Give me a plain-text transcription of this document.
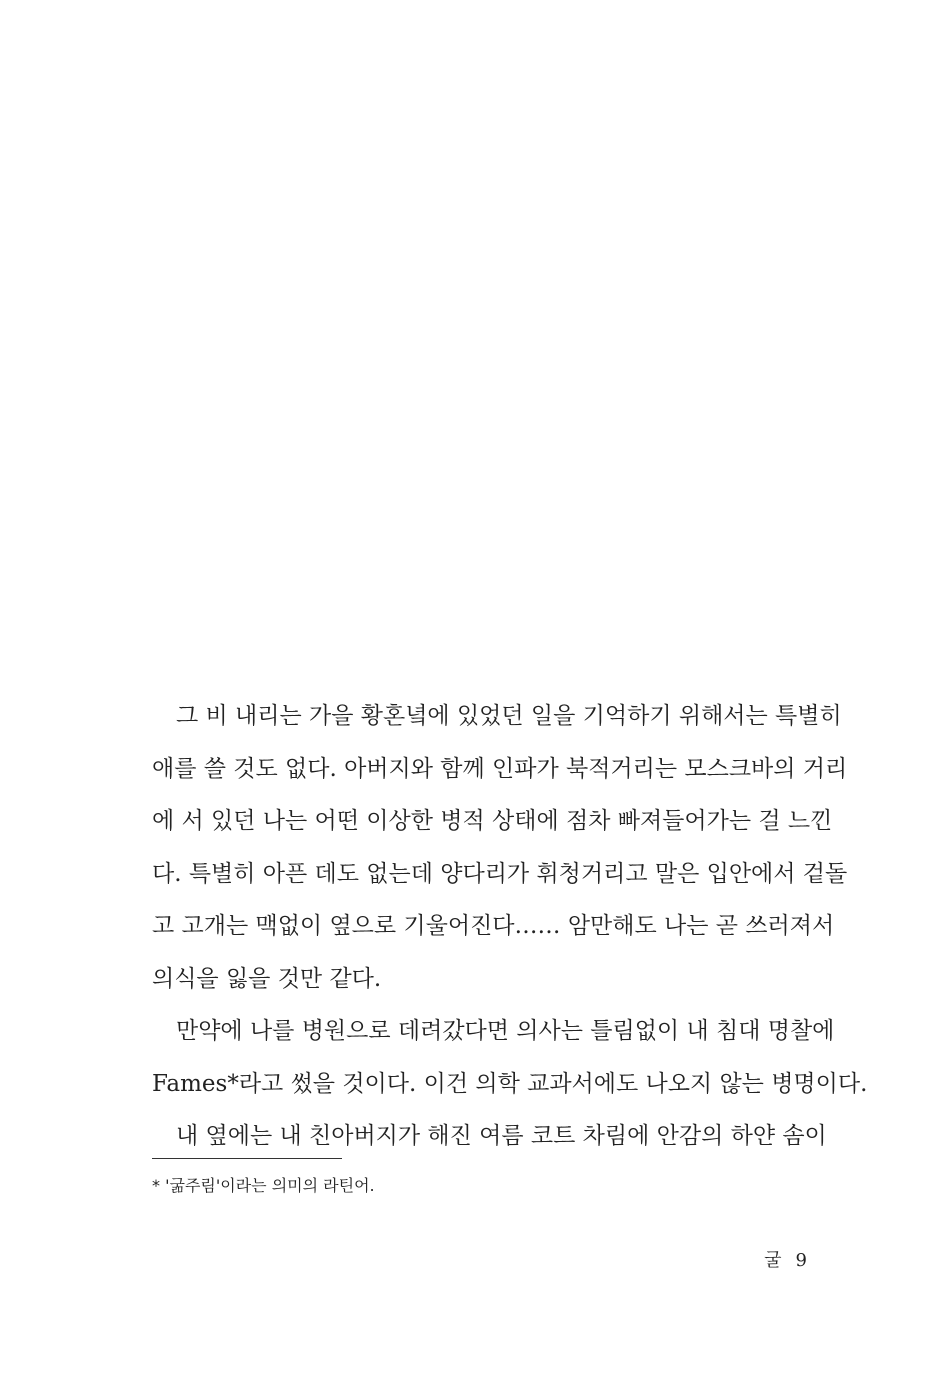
그 비 내리는 가을 황혼녘에 있었던 일을 기억하기 위해서는 특별히
애를 쓸 것도 없다. 아버지와 함께 인파가 북적거리는 모스크바의 거리
에 서 있던 나는 어떤 이상한 병적 상태에 점차 빠져들어가는 걸 느낀
다. 특별히 아픈 데도 없는데 양다리가 휘청거리고 말은 입안에서 겉돌
고 고개는 맥없이 옆으로 기울어진다…… 암만해도 나는 곧 쓰러져서
의식을 잃을 것만 같다.
만약에 나를 병원으로 데려갔다면 의사는 틀림없이 내 침대 명찰에
Fames*라고 썼을 것이다. 이건 의학 교과서에도 나오지 않는 병명이다.
내 옆에는 내 친아버지가 해진 여름 코트 차림에 안감의 하얀 솜이
* '굶주림'이라는 의미의 라틴어.
굴 9
